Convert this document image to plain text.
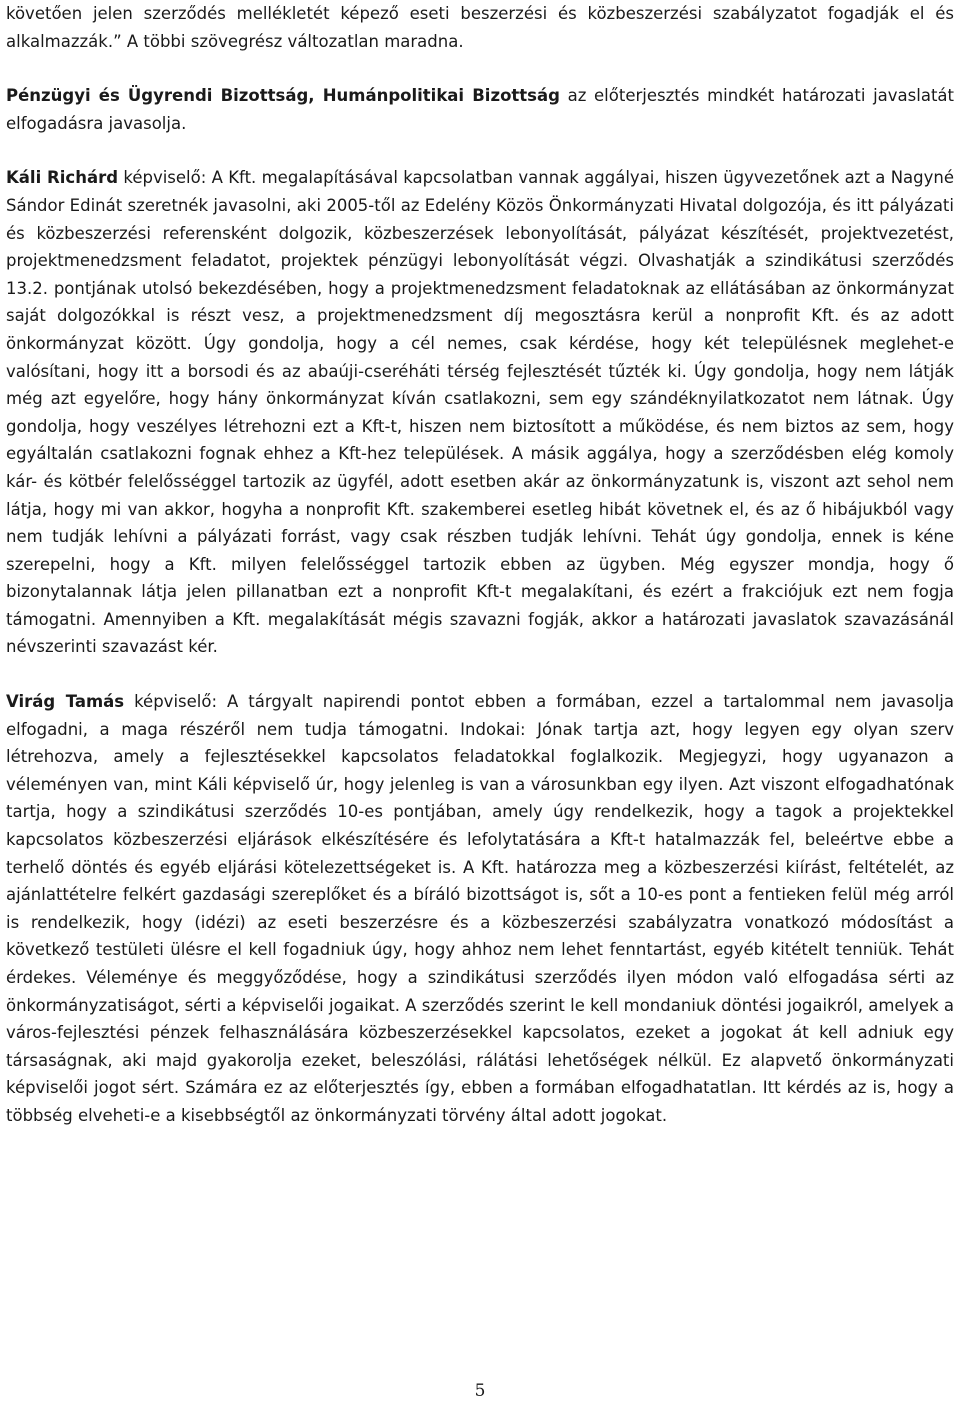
követően jelen szerződés mellékletét képező eseti beszerzési és közbeszerzési szabályzatot fogadják el és alkalmazzák.” A többi szövegrész változatlan maradna.

Pénzügyi és Ügyrendi Bizottság, Humánpolitikai Bizottság az előterjesztés mindkét határozati javaslatát elfogadásra javasolja.

Káli Richárd képviselő: A Kft. megalapításával kapcsolatban vannak aggályai, hiszen ügyvezetőnek azt a Nagyné Sándor Edinát szeretnék javasolni, aki 2005-től az Edelény Közös Önkormányzati Hivatal dolgozója, és itt pályázati és közbeszerzési referensként dolgozik, közbeszerzések lebonyolítását, pályázat készítését, projektvezetést, projektmenedzsment feladatot, projektek pénzügyi lebonyolítását végzi. Olvashatják a szindikátusi szerződés 13.2. pontjának utolsó bekezdésében, hogy a projektmenedzsment feladatoknak az ellátásában az önkormányzat saját dolgozókkal is részt vesz, a projektmenedzsment díj megosztásra kerül a nonprofit Kft. és az adott önkormányzat között. Úgy gondolja, hogy a cél nemes, csak kérdése, hogy két településnek meglehet-e valósítani, hogy itt a borsodi és az abaúji-cseréháti térség fejlesztését tűzték ki. Úgy gondolja, hogy nem látják még azt egyelőre, hogy hány önkormányzat kíván csatlakozni, sem egy szándéknyilatkozatot nem látnak. Úgy gondolja, hogy veszélyes létrehozni ezt a Kft-t, hiszen nem biztosított a működése, és nem biztos az sem, hogy egyáltalán csatlakozni fognak ehhez a Kft-hez települések. A másik aggálya, hogy a szerződésben elég komoly kár- és kötbér felelősséggel tartozik az ügyfél, adott esetben akár az önkormányzatunk is, viszont azt sehol nem látja, hogy mi van akkor, hogyha a nonprofit Kft. szakemberei esetleg hibát követnek el, és az ő hibájukból vagy nem tudják lehívni a pályázati forrást, vagy csak részben tudják lehívni. Tehát úgy gondolja, ennek is kéne szerepelni, hogy a Kft. milyen felelősséggel tartozik ebben az ügyben. Még egyszer mondja, hogy ő bizonytalannak látja jelen pillanatban ezt a nonprofit Kft-t megalakítani, és ezért a frakciójuk ezt nem fogja támogatni. Amennyiben a Kft. megalakítását mégis szavazni fogják, akkor a határozati javaslatok szavazásánál névszerinti szavazást kér.

Virág Tamás képviselő: A tárgyalt napirendi pontot ebben a formában, ezzel a tartalommal nem javasolja elfogadni, a maga részéről nem tudja támogatni. Indokai: Jónak tartja azt, hogy legyen egy olyan szerv létrehozva, amely a fejlesztésekkel kapcsolatos feladatokkal foglalkozik. Megjegyzi, hogy ugyanazon a véleményen van, mint Káli képviselő úr, hogy jelenleg is van a városunkban egy ilyen. Azt viszont elfogadhatónak tartja, hogy a szindikátusi szerződés 10-es pontjában, amely úgy rendelkezik, hogy a tagok a projektekkel kapcsolatos közbeszerzési eljárások elkészítésére és lefolytatására a Kft-t hatalmazzák fel, beleértve ebbe a terhelő döntés és egyéb eljárási kötelezettségeket is. A Kft. határozza meg a közbeszerzési kiírást, feltételét, az ajánlattételre felkért gazdasági szereplőket és a bíráló bizottságot is, sőt a 10-es pont a fentieken felül még arról is rendelkezik, hogy (idézi) az eseti beszerzésre és a közbeszerzési szabályzatra vonatkozó módosítást a következő testületi ülésre el kell fogadniuk úgy, hogy ahhoz nem lehet fenntartást, egyéb kitételt tenniük. Tehát érdekes. Véleménye és meggyőződése, hogy a szindikátusi szerződés ilyen módon való elfogadása sérti az önkormányzatiságot, sérti a képviselői jogaikat. A szerződés szerint le kell mondaniuk döntési jogaikról, amelyek a város-fejlesztési pénzek felhasználására közbeszerzésekkel kapcsolatos, ezeket a jogokat át kell adniuk egy társaságnak, aki majd gyakorolja ezeket, beleszólási, rálátási lehetőségek nélkül. Ez alapvető önkormányzati képviselői jogot sért. Számára ez az előterjesztés így, ebben a formában elfogadhatatlan. Itt kérdés az is, hogy a többség elveheti-e a kisebbségtől az önkormányzati törvény által adott jogokat.

5
